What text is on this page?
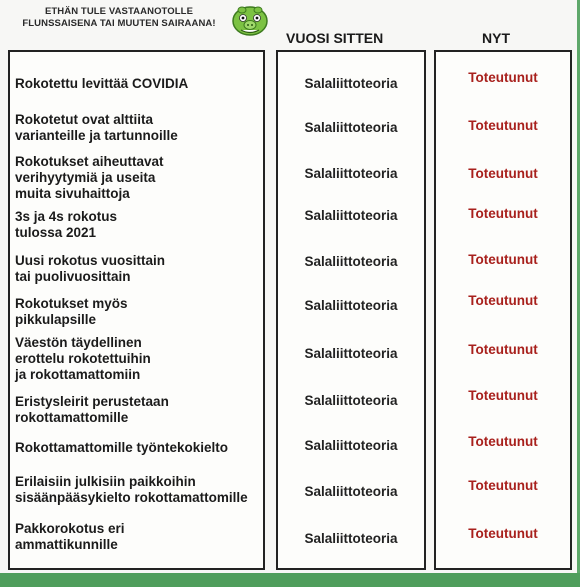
ETHÄN TULE VASTAANOTOLLE
FLUNSSAISENA TAI MUUTEN SAIRAANA!
VUOSI SITTEN	NYT
Rokotettu levittää COVIDIA	Salaliittoteoria	Toteutunut
Rokotetut ovat alttiita
varianteille ja tartunnoille
Salaliittoteoria	Toteutunut
Rokotukset aiheuttavat
verihyytymiä ja useita
muita sivuhaittoja
Salaliittoteoria	Toteutunut
3s ja 4s rokotus
tulossa 2021
Salaliittoteoria	Toteutunut
Uusi rokotus vuosittain
tai puolivuosittain
Salaliittoteoria	Toteutunut
Rokotukset myös
pikkulapsille
Salaliittoteoria	Toteutunut
Väestön täydellinen
erottelu rokotettuihin
ja rokottamattomiin
Salaliittoteoria	Toteutunut
Eristysleirit perustetaan
rokottamattomille
Salaliittoteoria	Toteutunut
Rokottamattomille työntekokielto	Salaliittoteoria	Toteutunut
Erilaisiin julkisiin paikkoihin
sisäänpääsykielto rokottamattomille	Salaliittoteoria	Toteutunut
Pakkorokotus eri
ammattikunnille	Salaliittoteoria	Toteutunut
